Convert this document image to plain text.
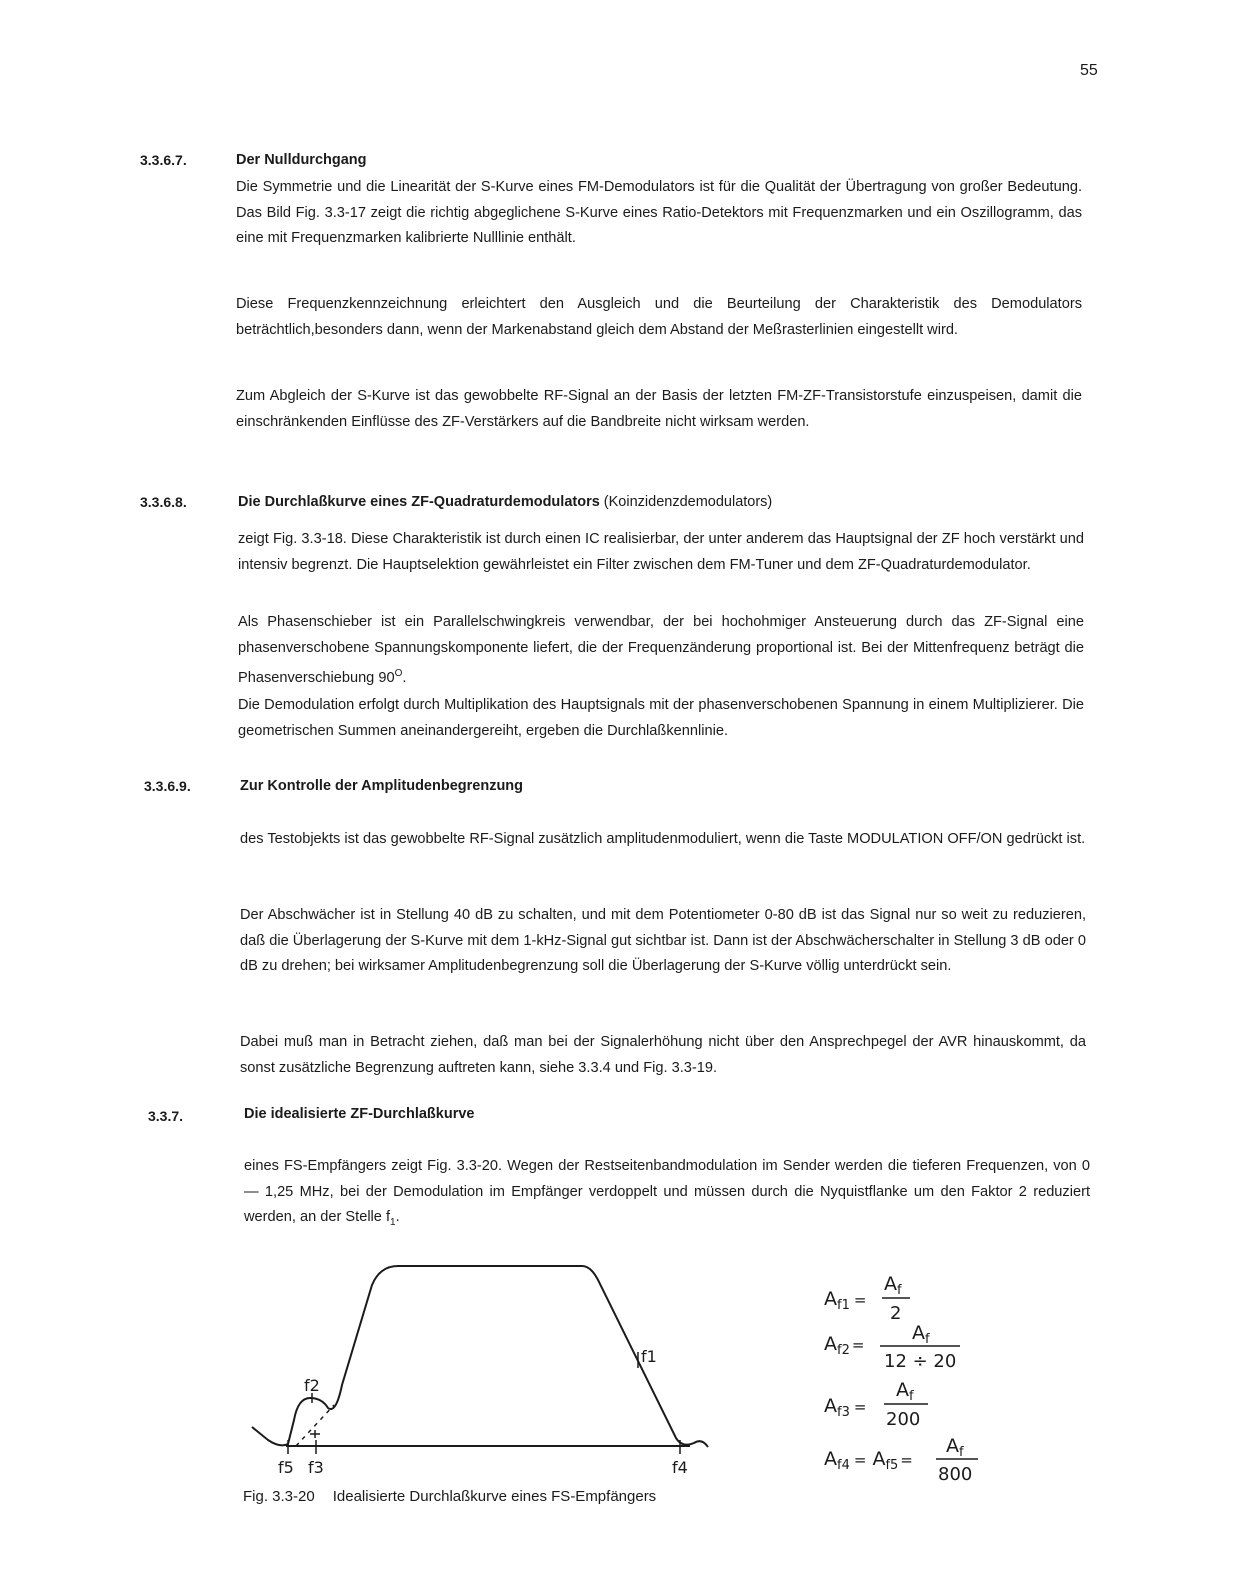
55
3.3.6.7.	Der Nulldurchgang

Die Symmetrie und die Linearität der S-Kurve eines FM-Demodulators ist für die Qualität der Übertragung von großer Bedeutung. Das Bild Fig. 3.3-17 zeigt die richtig abgeglichene S-Kurve eines Ratio-Detektors mit Frequenzmarken und ein Oszillogramm, das eine mit Frequenzmarken kalibrierte Nulllinie enthält.

Diese Frequenzkennzeichnung erleichtert den Ausgleich und die Beurteilung der Charakteristik des Demodulators beträchtlich,besonders dann, wenn der Markenabstand gleich dem Abstand der Meßrasterlinien eingestellt wird.

Zum Abgleich der S-Kurve ist das gewobbelte RF-Signal an der Basis der letzten FM-ZF-Transistorstufe einzuspeisen, damit die einschränkenden Einflüsse des ZF-Verstärkers auf die Bandbreite nicht wirksam werden.

3.3.6.8.	Die Durchlaßkurve eines ZF-Quadraturdemodulators (Koinzidenzdemodulators)

zeigt Fig. 3.3-18. Diese Charakteristik ist durch einen IC realisierbar, der unter anderem das Hauptsignal der ZF hoch verstärkt und intensiv begrenzt. Die Hauptselektion gewährleistet ein Filter zwischen dem FM-Tuner und dem ZF-Quadraturdemodulator.

Als Phasenschieber ist ein Parallelschwingkreis verwendbar, der bei hochohmiger Ansteuerung durch das ZF-Signal eine phasenverschobene Spannungskomponente liefert, die der Frequenzänderung proportional ist. Bei der Mittenfrequenz beträgt die Phasenverschiebung $90^O$.

Die Demodulation erfolgt durch Multiplikation des Hauptsignals mit der phasenverschobenen Spannung in einem Multiplizierer. Die geometrischen Summen aneinandergereiht, ergeben die Durchlaßkennlinie.

3.3.6.9.	Zur Kontrolle der Amplitudenbegrenzung

des Testobjekts ist das gewobbelte RF-Signal zusätzlich amplitudenmoduliert, wenn die Taste MODULATION OFF/ON gedrückt ist.

Der Abschwächer ist in Stellung 40 dB zu schalten, und mit dem Potentiometer 0-80 dB ist das Signal nur so weit zu reduzieren, daß die Überlagerung der S-Kurve mit dem 1-kHz-Signal gut sichtbar ist. Dann ist der Abschwächerschalter in Stellung 3 dB oder 0 dB zu drehen; bei wirksamer Amplitudenbegrenzung soll die Überlagerung der S-Kurve völlig unterdrückt sein.

Dabei muß man in Betracht ziehen, daß man bei der Signalerhöhung nicht über den Ansprechpegel der AVR hinauskommt, da sonst zusätzliche Begrenzung auftreten kann, siehe 3.3.4 und Fig. 3.3-19.

3.3.7.	Die idealisierte ZF-Durchlaßkurve

eines FS-Empfängers zeigt Fig. 3.3-20. Wegen der Restseitenbandmodulation im Sender werden die tieferen Frequenzen, von 0 — 1,25 MHz, bei der Demodulation im Empfänger verdoppelt und müssen durch die Nyquistflanke um den Faktor 2 reduziert werden, an der Stelle $f_1$.

f2
f1
f5 f3	f4
$A_f1$ =
$A_f$
2
$A_f2$ =
$A_f$
12 ÷ 20
$A_f3$ =
$A_f$
200
$A_f4$ = $A_f5$ =
$A_f$
800
Fig. 3.3-20 Idealisierte Durchlaßkurve eines FS-Empfängers
